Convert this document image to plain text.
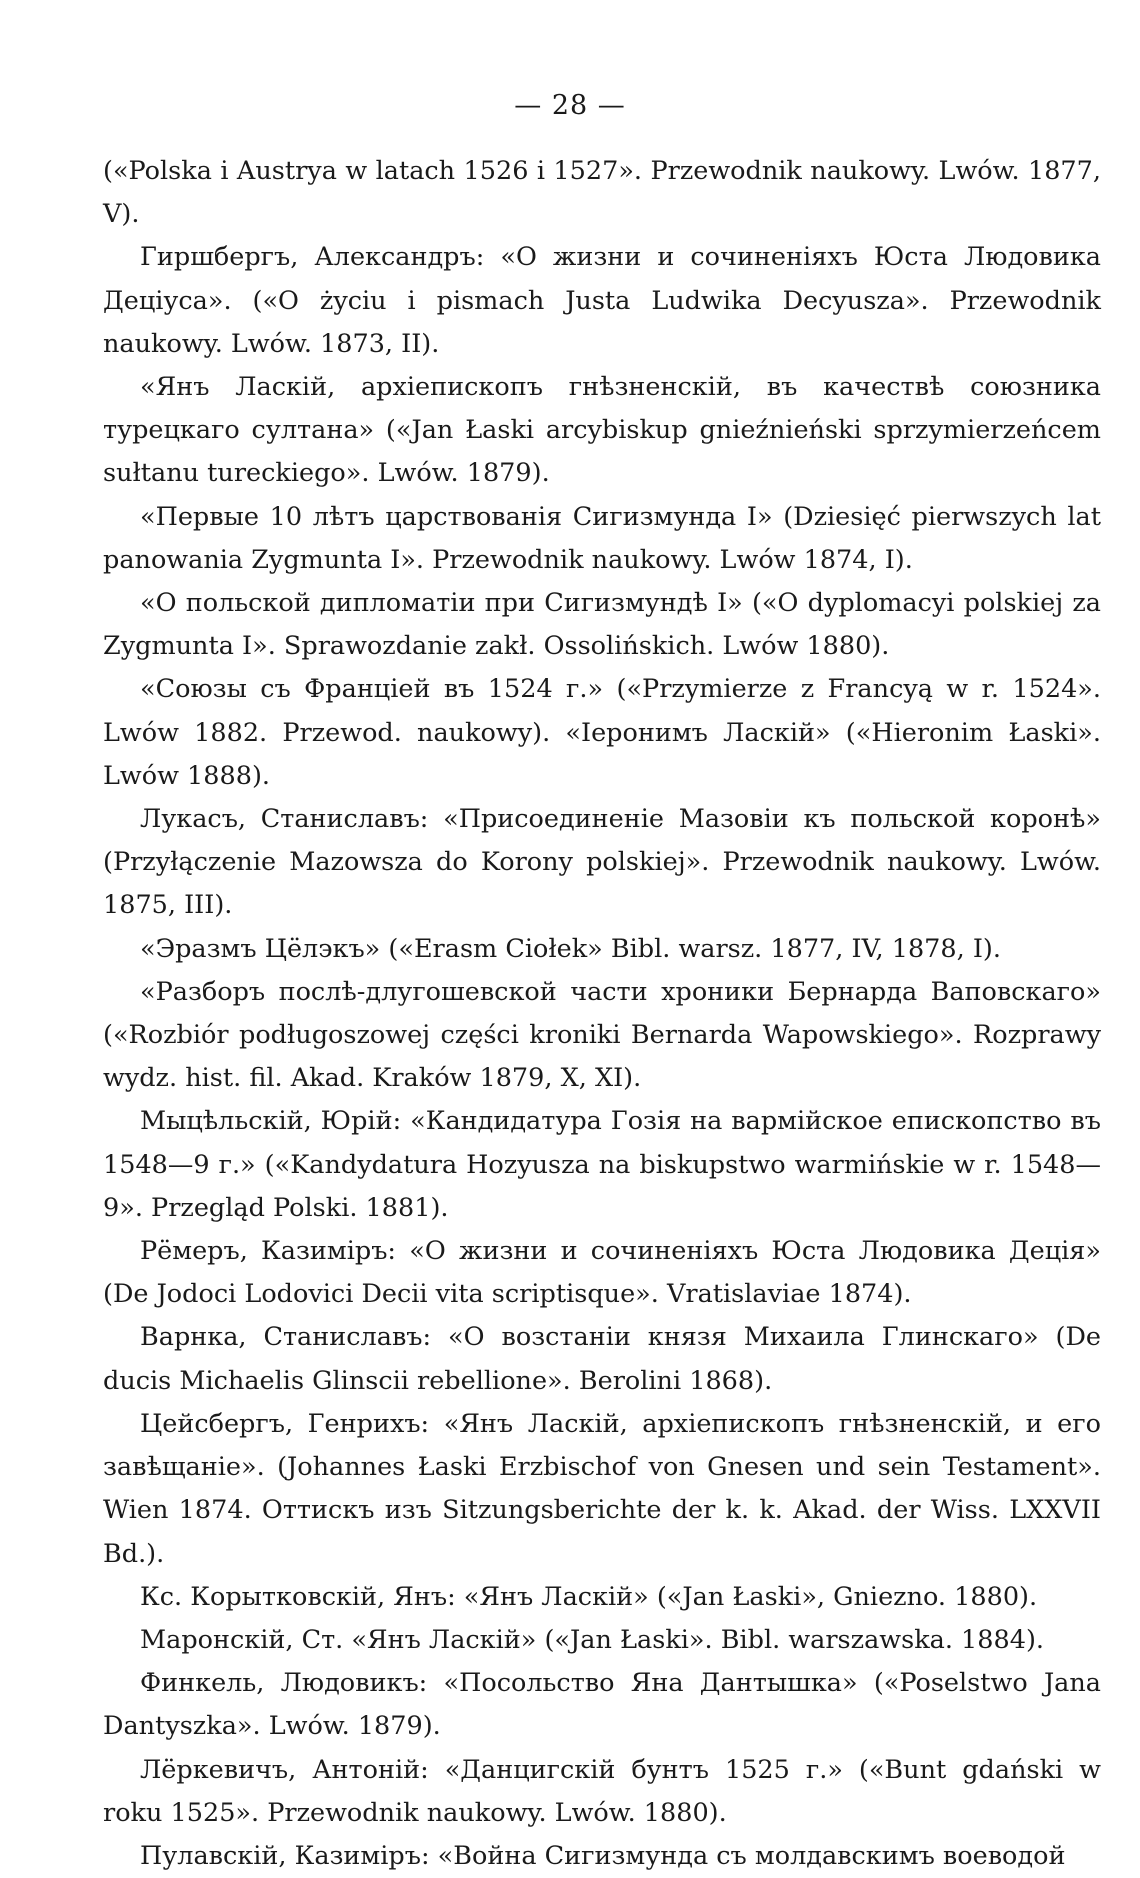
— 28 —

(«Polska i Austrya w latach 1526 i 1527». Przewodnik naukowy. Lwów. 1877, V).

Гиршбергъ, Александръ: «О жизни и сочиненіяхъ Юста Людовика Децiуса». («O życiu i pismach Justa Ludwika Decyusza». Przewodnik naukowy. Lwów. 1873, II).

«Янъ Ласкій, архіепископъ гнѣзненскій, въ качествѣ союзника турецкаго султана» («Jan Łaski arcybiskup gnieźnieński sprzymierzeńcem sułtanu tureckiego». Lwów. 1879).

«Первые 10 лѣтъ царствованія Сигизмунда I» (Dziesięć pierwszych lat panowania Zygmunta I». Przewodnik naukowy. Lwów 1874, I).

«О польской дипломатіи при Сигизмундѣ I» («O dyplomacyi polskiej za Zygmunta I». Sprawozdanie zakł. Ossolińskich. Lwów 1880).

«Союзы съ Франціей въ 1524 г.» («Przymierze z Francyą w r. 1524». Lwów 1882. Przewod. naukowy). «Іеронимъ Ласкій» («Hieronim Łaski». Lwów 1888).

Лукасъ, Станиславъ: «Присоединеніе Мазовіи къ польской коронѣ» (Przyłączenie Mazowsza do Korony polskiej». Przewodnik naukowy. Lwów. 1875, III).

«Эразмъ Цёлэкъ» («Erasm Ciołek» Bibl. warsz. 1877, IV, 1878, I).

«Разборъ послѣ-длугошевской части хроники Бернарда Ваповскаго» («Rozbiór podługoszowej części kroniki Bernarda Wapowskiego». Rozprawy wydz. hist. fil. Akad. Kraków 1879, X, XI).

Мыцѣльскій, Юрій: «Кандидатура Гозія на вармійское епископство въ 1548—9 г.» («Kandydatura Hozyusza na biskupstwo warmińskie w r. 1548—9». Przegląd Polski. 1881).

Рёмеръ, Казиміръ: «О жизни и сочиненіяхъ Юста Людовика Децiя» (De Jodoci Lodovici Decii vita scriptisque». Vratislaviae 1874).

Варнка, Станиславъ: «О возстаніи князя Михаила Глинскаго» (De ducis Michaelis Glinscii rebellione». Berolini 1868).

Цейсбергъ, Генрихъ: «Янъ Ласкій, архіепископъ гнѣзненскій, и его завѣщаніе». (Johannes Łaski Erzbischof von Gnesen und sein Testament». Wien 1874. Оттискъ изъ Sitzungsberichte der k. k. Akad. der Wiss. LXXVII Bd.).

Кс. Корытковскій, Янъ: «Янъ Ласкій» («Jan Łaski», Gniezno. 1880).

Маронскій, Ст. «Янъ Ласкій» («Jan Łaski». Bibl. warszawska. 1884).

Финкель, Людовикъ: «Посольство Яна Дантышка» («Poselstwo Jana Dantyszka». Lwów. 1879).

Лёркевичъ, Антоній: «Данцигскій бунтъ 1525 г.» («Bunt gdański w roku 1525». Przewodnik naukowy. Lwów. 1880).

Пулавскій, Казиміръ: «Война Сигизмунда съ молдавскимъ воеводой
